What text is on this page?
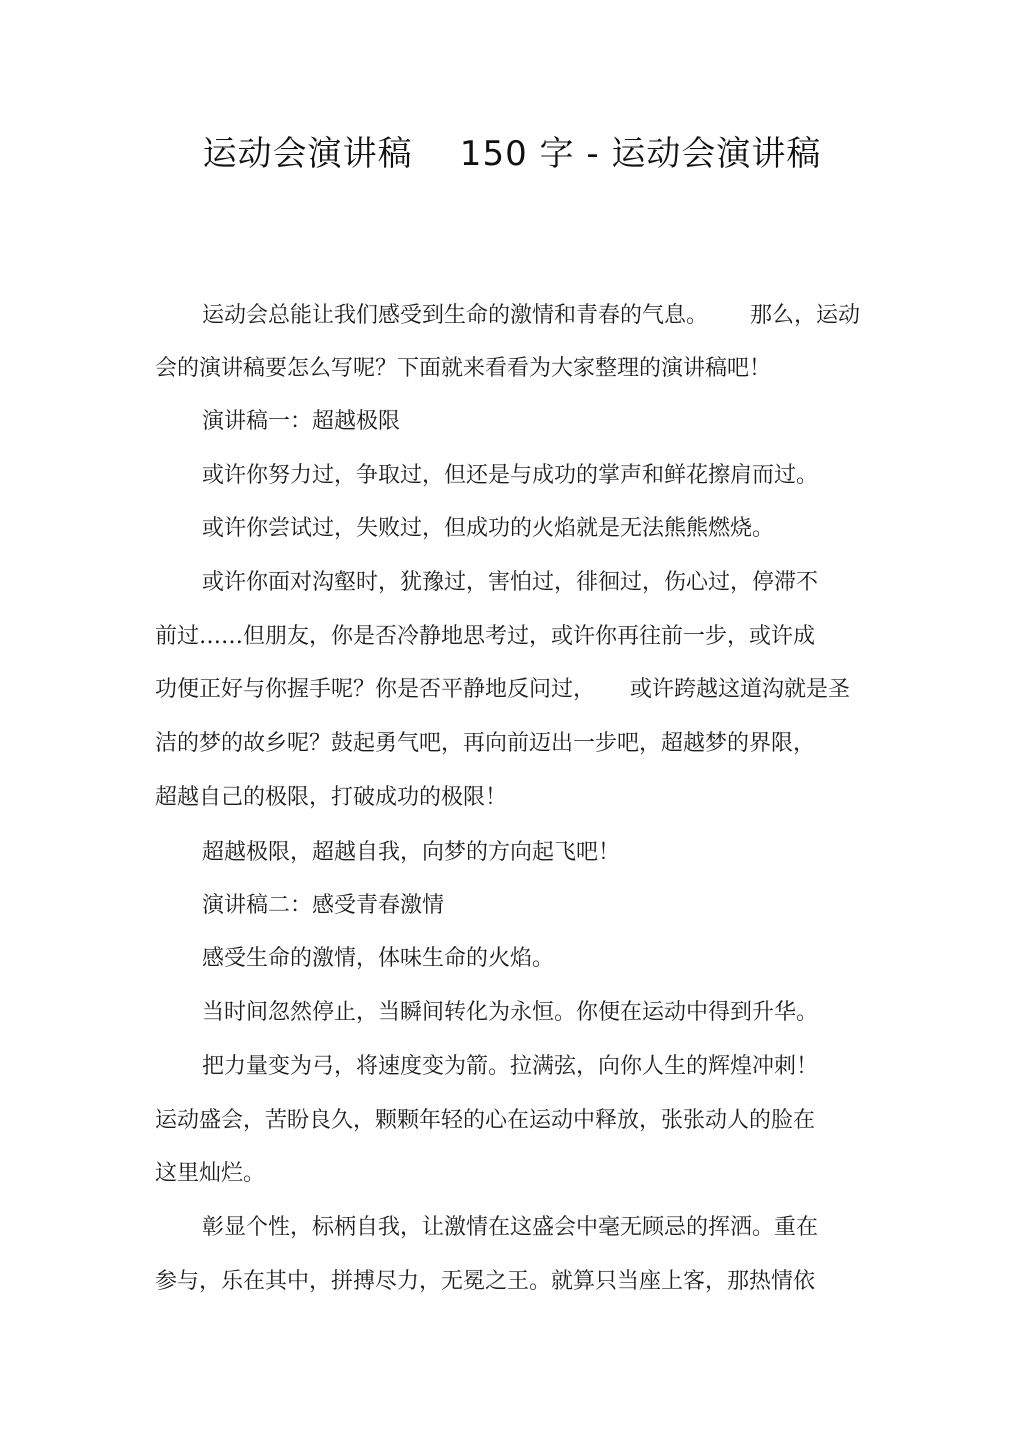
运动会演讲稿    150 字 - 运动会演讲稿
运动会总能让我们感受到生命的激情和青春的气息。      那么，运动
会的演讲稿要怎么写呢？下面就来看看为大家整理的演讲稿吧！
演讲稿一：超越极限
或许你努力过，争取过，但还是与成功的掌声和鲜花擦肩而过。
或许你尝试过，失败过，但成功的火焰就是无法熊熊燃烧。
或许你面对沟壑时，犹豫过，害怕过，徘徊过，伤心过，停滞不
前过……但朋友，你是否冷静地思考过，或许你再往前一步，或许成
功便正好与你握手呢？你是否平静地反问过，     或许跨越这道沟就是圣
洁的梦的故乡呢？鼓起勇气吧，再向前迈出一步吧，超越梦的界限，
超越自己的极限，打破成功的极限！
超越极限，超越自我，向梦的方向起飞吧！
演讲稿二：感受青春激情
感受生命的激情，体味生命的火焰。
当时间忽然停止，当瞬间转化为永恒。你便在运动中得到升华。
把力量变为弓，将速度变为箭。拉满弦，向你人生的辉煌冲刺！
运动盛会，苦盼良久，颗颗年轻的心在运动中释放，张张动人的脸在
这里灿烂。
彰显个性，标柄自我，让激情在这盛会中毫无顾忌的挥洒。重在
参与，乐在其中，拼搏尽力，无冕之王。就算只当座上客，那热情依
